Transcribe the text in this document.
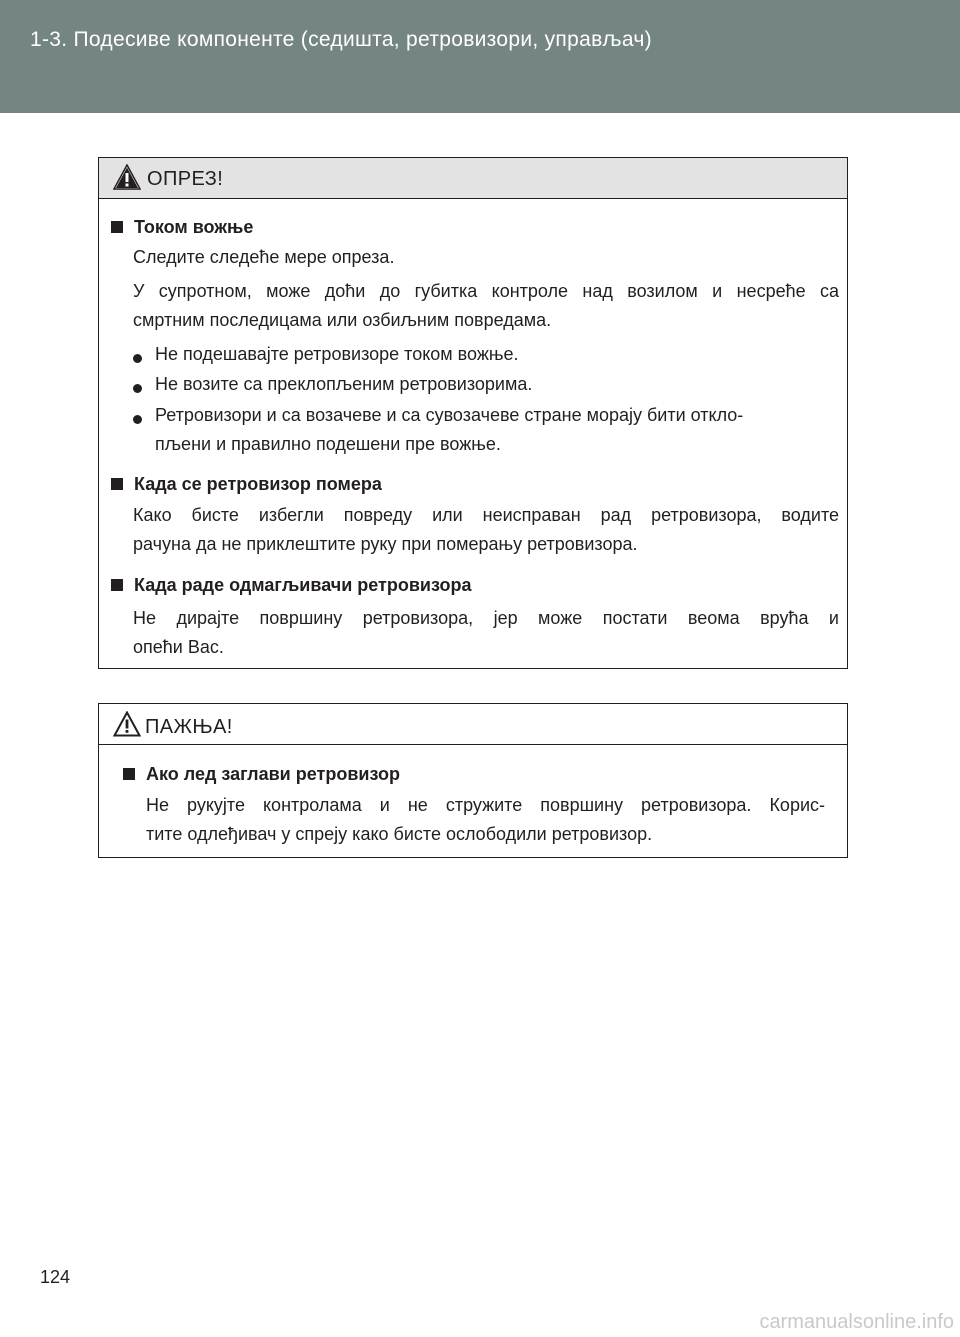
1-3. Подесиве компоненте (седишта, ретровизори, управљач)
ОПРЕЗ!
Током вожње
Следите следеће мере опреза.
У супротном, може доћи до губитка контроле над возилом и несреће са
смртним последицама или озбиљним повредама.
Не подешавајте ретровизоре током вожње.
Не возите са преклопљеним ретровизорима.
Ретровизори и са возачеве и са сувозачеве стране морају бити откло-
пљени и правилно подешени пре вожње.
Када се ретровизор помера
Како бисте избегли повреду или неисправан рад ретровизора, водите
рачуна да не приклештите руку при померању ретровизора.
Када раде одмагљивачи ретровизора
Не дирајте површину ретровизора, јер може постати веома врућа и
опећи Вас.
ПАЖЊА!
Ако лед заглави ретровизор
Не рукујте контролама и не стружите површину ретровизора. Корис-
тите одлеђивач у спреју како бисте ослободили ретровизор.
124
carmanualsonline.info
